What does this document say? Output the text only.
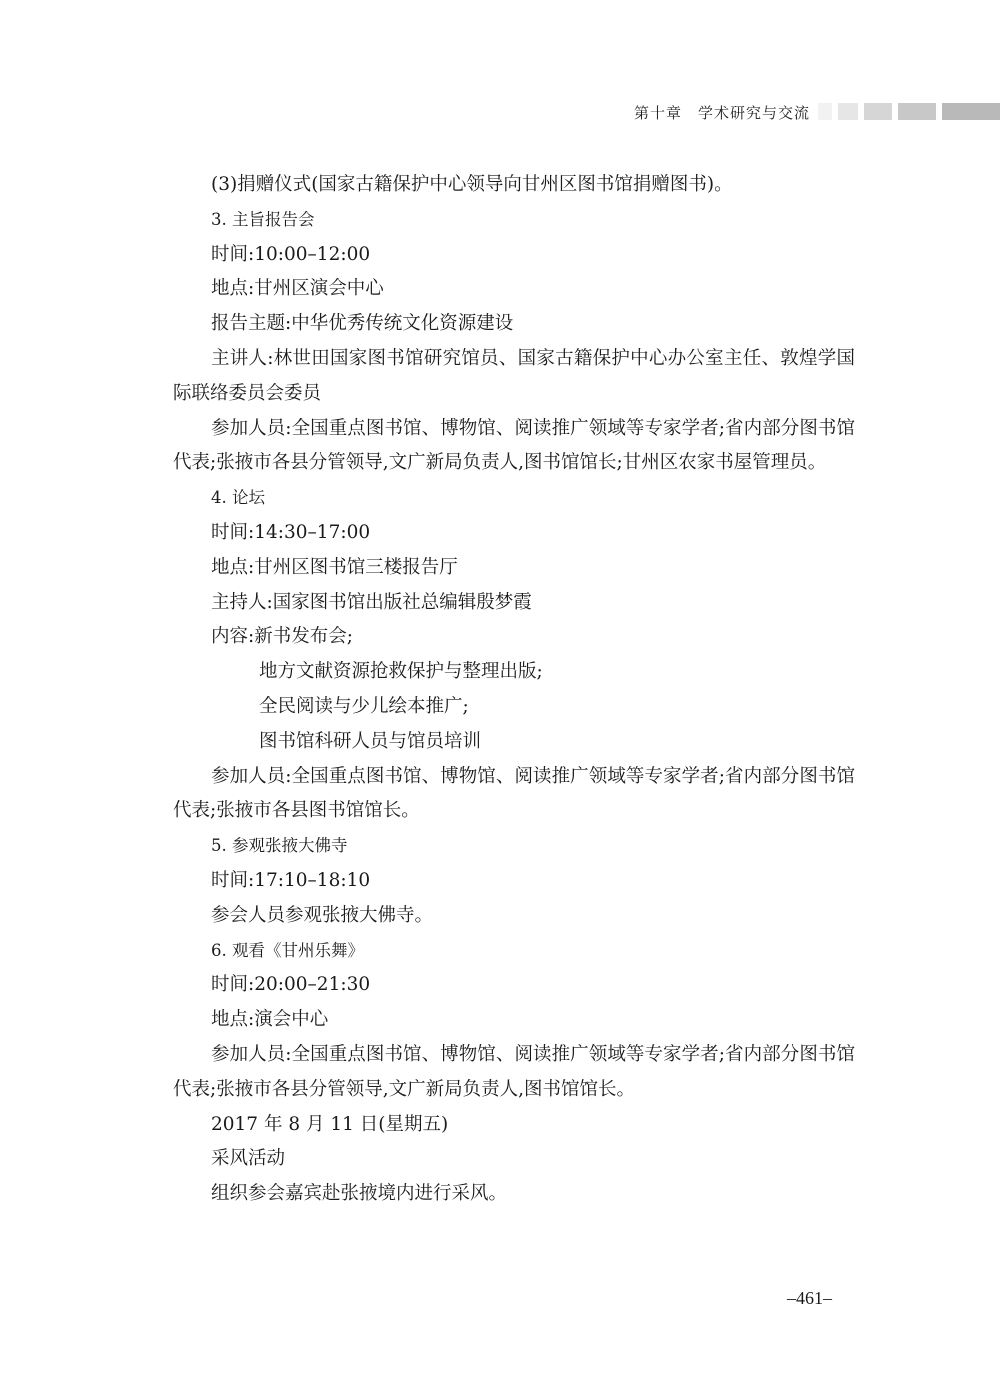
第十章　学术研究与交流

(3)捐赠仪式(国家古籍保护中心领导向甘州区图书馆捐赠图书)。

3. 主旨报告会

时间:10:00–12:00

地点:甘州区演会中心

报告主题:中华优秀传统文化资源建设

主讲人:林世田国家图书馆研究馆员、国家古籍保护中心办公室主任、敦煌学国际联络委员会委员

参加人员:全国重点图书馆、博物馆、阅读推广领域等专家学者;省内部分图书馆代表;张掖市各县分管领导,文广新局负责人,图书馆馆长;甘州区农家书屋管理员。

4. 论坛

时间:14:30–17:00

地点:甘州区图书馆三楼报告厅

主持人:国家图书馆出版社总编辑殷梦霞

内容:新书发布会;

地方文献资源抢救保护与整理出版;

全民阅读与少儿绘本推广;

图书馆科研人员与馆员培训

参加人员:全国重点图书馆、博物馆、阅读推广领域等专家学者;省内部分图书馆代表;张掖市各县图书馆馆长。

5. 参观张掖大佛寺

时间:17:10–18:10

参会人员参观张掖大佛寺。

6. 观看《甘州乐舞》

时间:20:00–21:30

地点:演会中心

参加人员:全国重点图书馆、博物馆、阅读推广领域等专家学者;省内部分图书馆代表;张掖市各县分管领导,文广新局负责人,图书馆馆长。

2017 年 8 月 11 日(星期五)

采风活动

组织参会嘉宾赴张掖境内进行采风。

–461–
